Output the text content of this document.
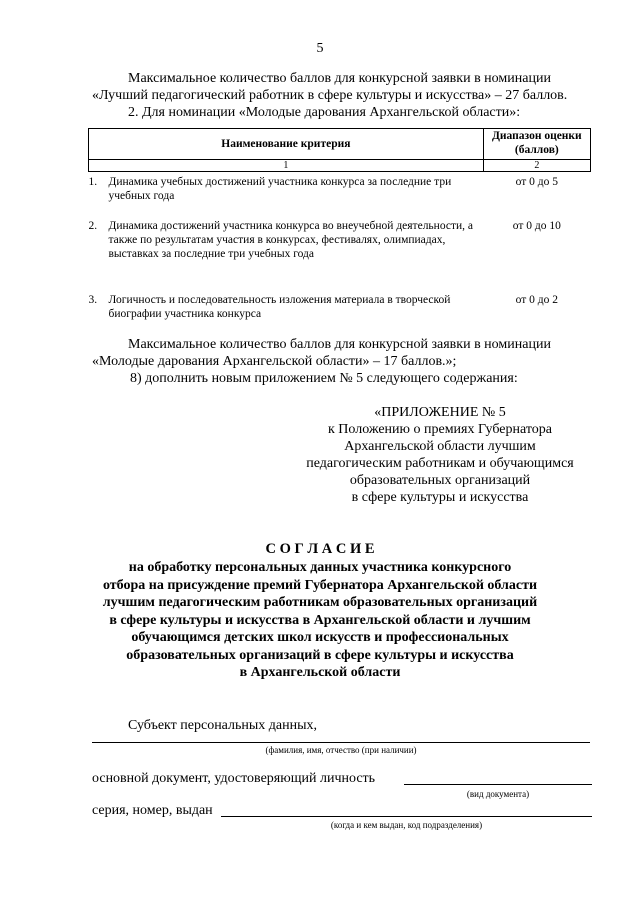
5
Максимальное количество баллов для конкурсной заявки в номинации
«Лучший педагогический работник в сфере культуры и искусства» – 27 баллов.
2. Для номинации «Молодые дарования Архангельской области»:
Наименование критерия	Диапазон оценки (баллов)
1	2

1. Динамика учебных достижений участника конкурса за последние три учебных года	от 0 до 5

2. Динамика достижений участника конкурса во внеучебной деятельности, а также по результатам участия в конкурсах, фестивалях, олимпиадах, выставках за последние три учебных года	от 0 до 10

3. Логичность и последовательность изложения материала в творческой биографии участника конкурса	от 0 до 2
Максимальное количество баллов для конкурсной заявки в номинации
«Молодые дарования Архангельской области» – 17 баллов.»;
8) дополнить новым приложением № 5 следующего содержания:
«ПРИЛОЖЕНИЕ № 5
к Положению о премиях Губернатора
Архангельской области лучшим
педагогическим работникам и обучающимся
образовательных организаций
в сфере культуры и искусства
С О Г Л А С И Е
на обработку персональных данных участника конкурсного
отбора на присуждение премий Губернатора Архангельской области
лучшим педагогическим работникам образовательных организаций
в сфере культуры и искусства в Архангельской области и лучшим
обучающимся детских школ искусств и профессиональных
образовательных организаций в сфере культуры и искусства
в Архангельской области
Субъект персональных данных,
(фамилия, имя, отчество (при наличии)
основной документ, удостоверяющий личность
(вид документа)
серия, номер, выдан
(когда и кем выдан, код подразделения)
